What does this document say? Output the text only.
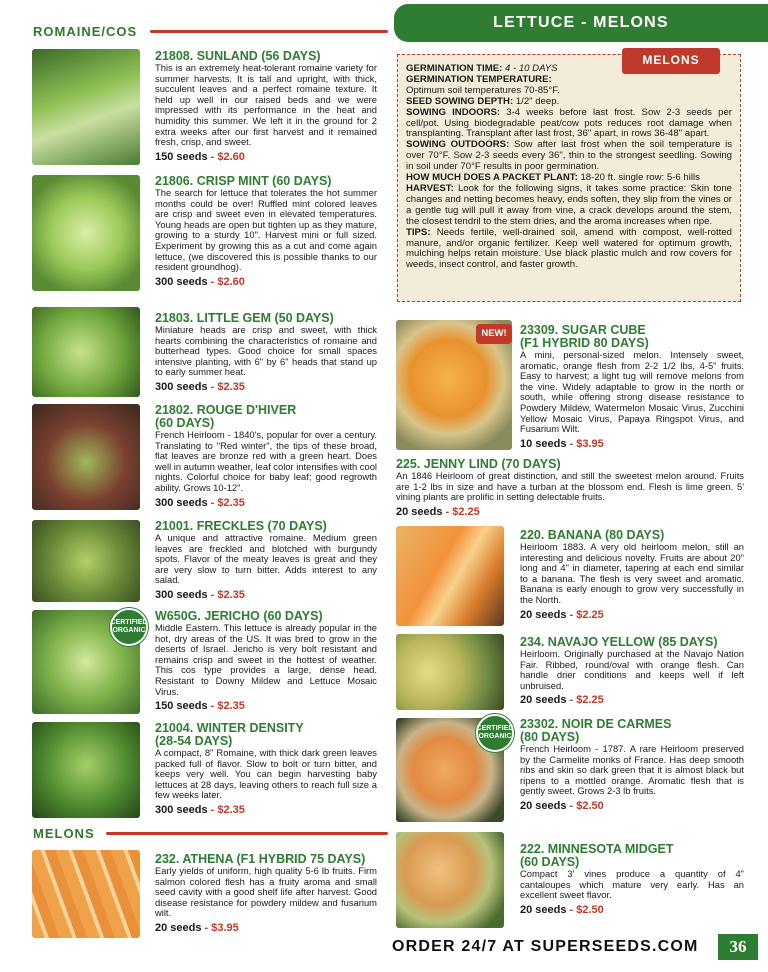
LETTUCE - MELONS
ROMAINE/COS
CERTIFIED ORGANIC
21808. SUNLAND (56 DAYS)
This is an extremely heat-tolerant romaine variety for summer harvests. It is tall and upright, with thick, succulent leaves and a perfect romaine texture. It held up well in our raised beds and we were impressed with its performance in the heat and humidity this summer. We left it in the ground for 2 extra weeks after our first harvest and it remained fresh, crisp, and sweet.
150 seeds - $2.60
21806. CRISP MINT (60 DAYS)
The search for lettuce that tolerates the hot summer months could be over! Ruffled mint colored leaves are crisp and sweet even in elevated temperatures. Young heads are open but tighten up as they mature, growing to a sturdy 10". Harvest mini or full sized. Experiment by growing this as a cut and come again lettuce, (we discovered this is possible thanks to our resident groundhog).
300 seeds - $2.60
21803. LITTLE GEM (50 DAYS)
Miniature heads are crisp and sweet, with thick hearts combining the characteristics of romaine and butterhead types. Good choice for small spaces intensive planting, with 6" by 6" heads that stand up to early summer heat.
300 seeds - $2.35
21802. ROUGE D'HIVER
(60 DAYS)
French Heirloom - 1840's, popular for over a century. Translating to "Red winter", the tips of these broad, flat leaves are bronze red with a green heart. Does well in autumn weather, leaf color intensifies with cool nights. Colorful choice for baby leaf; good regrowth ability. Grows 10-12".
300 seeds - $2.35
21001. FRECKLES (70 DAYS)
A unique and attractive romaine. Medium green leaves are freckled and blotched with burgundy spots. Flavor of the meaty leaves is great and they are very slow to turn bitter. Adds interest to any salad.
300 seeds - $2.35
W650G. JERICHO (60 DAYS)
Middle Eastern. This lettuce is already popular in the hot, dry areas of the US. It was bred to grow in the deserts of Israel. Jericho is very bolt resistant and remains crisp and sweet in the hottest of weather. This cos type provides a large, dense head. Resistant to Downy Mildew and Lettuce Mosaic Virus.
150 seeds - $2.35
21004. WINTER DENSITY
(28-54 DAYS)
A compact, 8" Romaine, with thick dark green leaves packed full of flavor. Slow to bolt or turn bitter, and keeps very well. You can begin harvesting baby lettuces at 28 days, leaving others to reach full size a few weeks later.
300 seeds - $2.35
MELONS
232. ATHENA (F1 HYBRID 75 DAYS)
Early yields of uniform, high quality 5-6 lb fruits. Firm salmon colored flesh has a fruity aroma and small seed cavity with a good shelf life after harvest. Good disease resistance for powdery mildew and fusarium wilt.
20 seeds - $3.95
GERMINATION TIME: 4 - 10 DAYS
GERMINATION TEMPERATURE:
Optimum soil temperatures 70-85°F.
SEED SOWING DEPTH: 1/2" deep.
SOWING INDOORS: 3-4 weeks before last frost. Sow 2-3 seeds per cell/pot. Using biodegradable peat/cow pots reduces root damage when transplanting. Transplant after last frost, 36" apart, in rows 36-48" apart.
SOWING OUTDOORS: Sow after last frost when the soil temperature is over 70°F. Sow 2-3 seeds every 36", thin to the strongest seedling. Sowing in soil under 70°F results in poor germination.
HOW MUCH DOES A PACKET PLANT: 18-20 ft. single row: 5-6 hills
HARVEST: Look for the following signs, it takes some practice: Skin tone changes and netting becomes heavy, ends soften, they slip from the vines or a gentle tug will pull it away from vine, a crack develops around the stem, the closest tendril to the stem dries, and the aroma increases when ripe.
TIPS: Needs fertile, well-drained soil, amend with compost, well-rotted manure, and/or organic fertilizer. Keep well watered for optimum growth, mulching helps retain moisture. Use black plastic mulch and row covers for weeds, insect control, and faster growth.
MELONS
NEW!	23309. SUGAR CUBE
(F1 HYBRID 80 DAYS)
A mini, personal-sized melon. Intensely sweet, aromatic, orange flesh from 2-2 1/2 lbs, 4-5" fruits. Easy to harvest; a light tug will remove melons from the vine. Widely adaptable to grow in the north or south, while offering strong disease resistance to Powdery Mildew, Watermelon Mosaic Virus, Zucchini Yellow Mosaic Virus, Papaya Ringspot Virus, and Fusarium Wilt.
10 seeds - $3.95
225. JENNY LIND (70 DAYS)
An 1846 Heirloom of great distinction, and still the sweetest melon around. Fruits are 1-2 lbs in size and have a turban at the blossom end. Flesh is lime green. 5' vining plants are prolific in setting delectable fruits.
20 seeds - $2.25
220. BANANA (80 DAYS)
Heirloom 1883. A very old heirloom melon, still an interesting and delicious novelty. Fruits are about 20" long and 4" in diameter, tapering at each end similar to a banana. The flesh is very sweet and aromatic. Banana is early enough to grow very successfully in the North.
20 seeds - $2.25
234. NAVAJO YELLOW (85 DAYS)
Heirloom. Originally purchased at the Navajo Nation Fair. Ribbed, round/oval with orange flesh. Can handle drier conditions and keeps well if left unbruised.
20 seeds - $2.25
CERTIFIED ORGANIC
23302. NOIR DE CARMES
(80 DAYS)
French Heirloom - 1787. A rare Heirloom preserved by the Carmelite monks of France. Has deep smooth ribs and skin so dark green that it is almost black but ripens to a mottled orange. Aromatic flesh that is gently sweet. Grows 2-3 lb fruits.
20 seeds - $2.50
222. MINNESOTA MIDGET
(60 DAYS)
Compact 3' vines produce a quantity of 4" cantaloupes which mature very early. Has an excellent sweet flavor.
20 seeds - $2.50
ORDER 24/7 AT SUPERSEEDS.COM	36
